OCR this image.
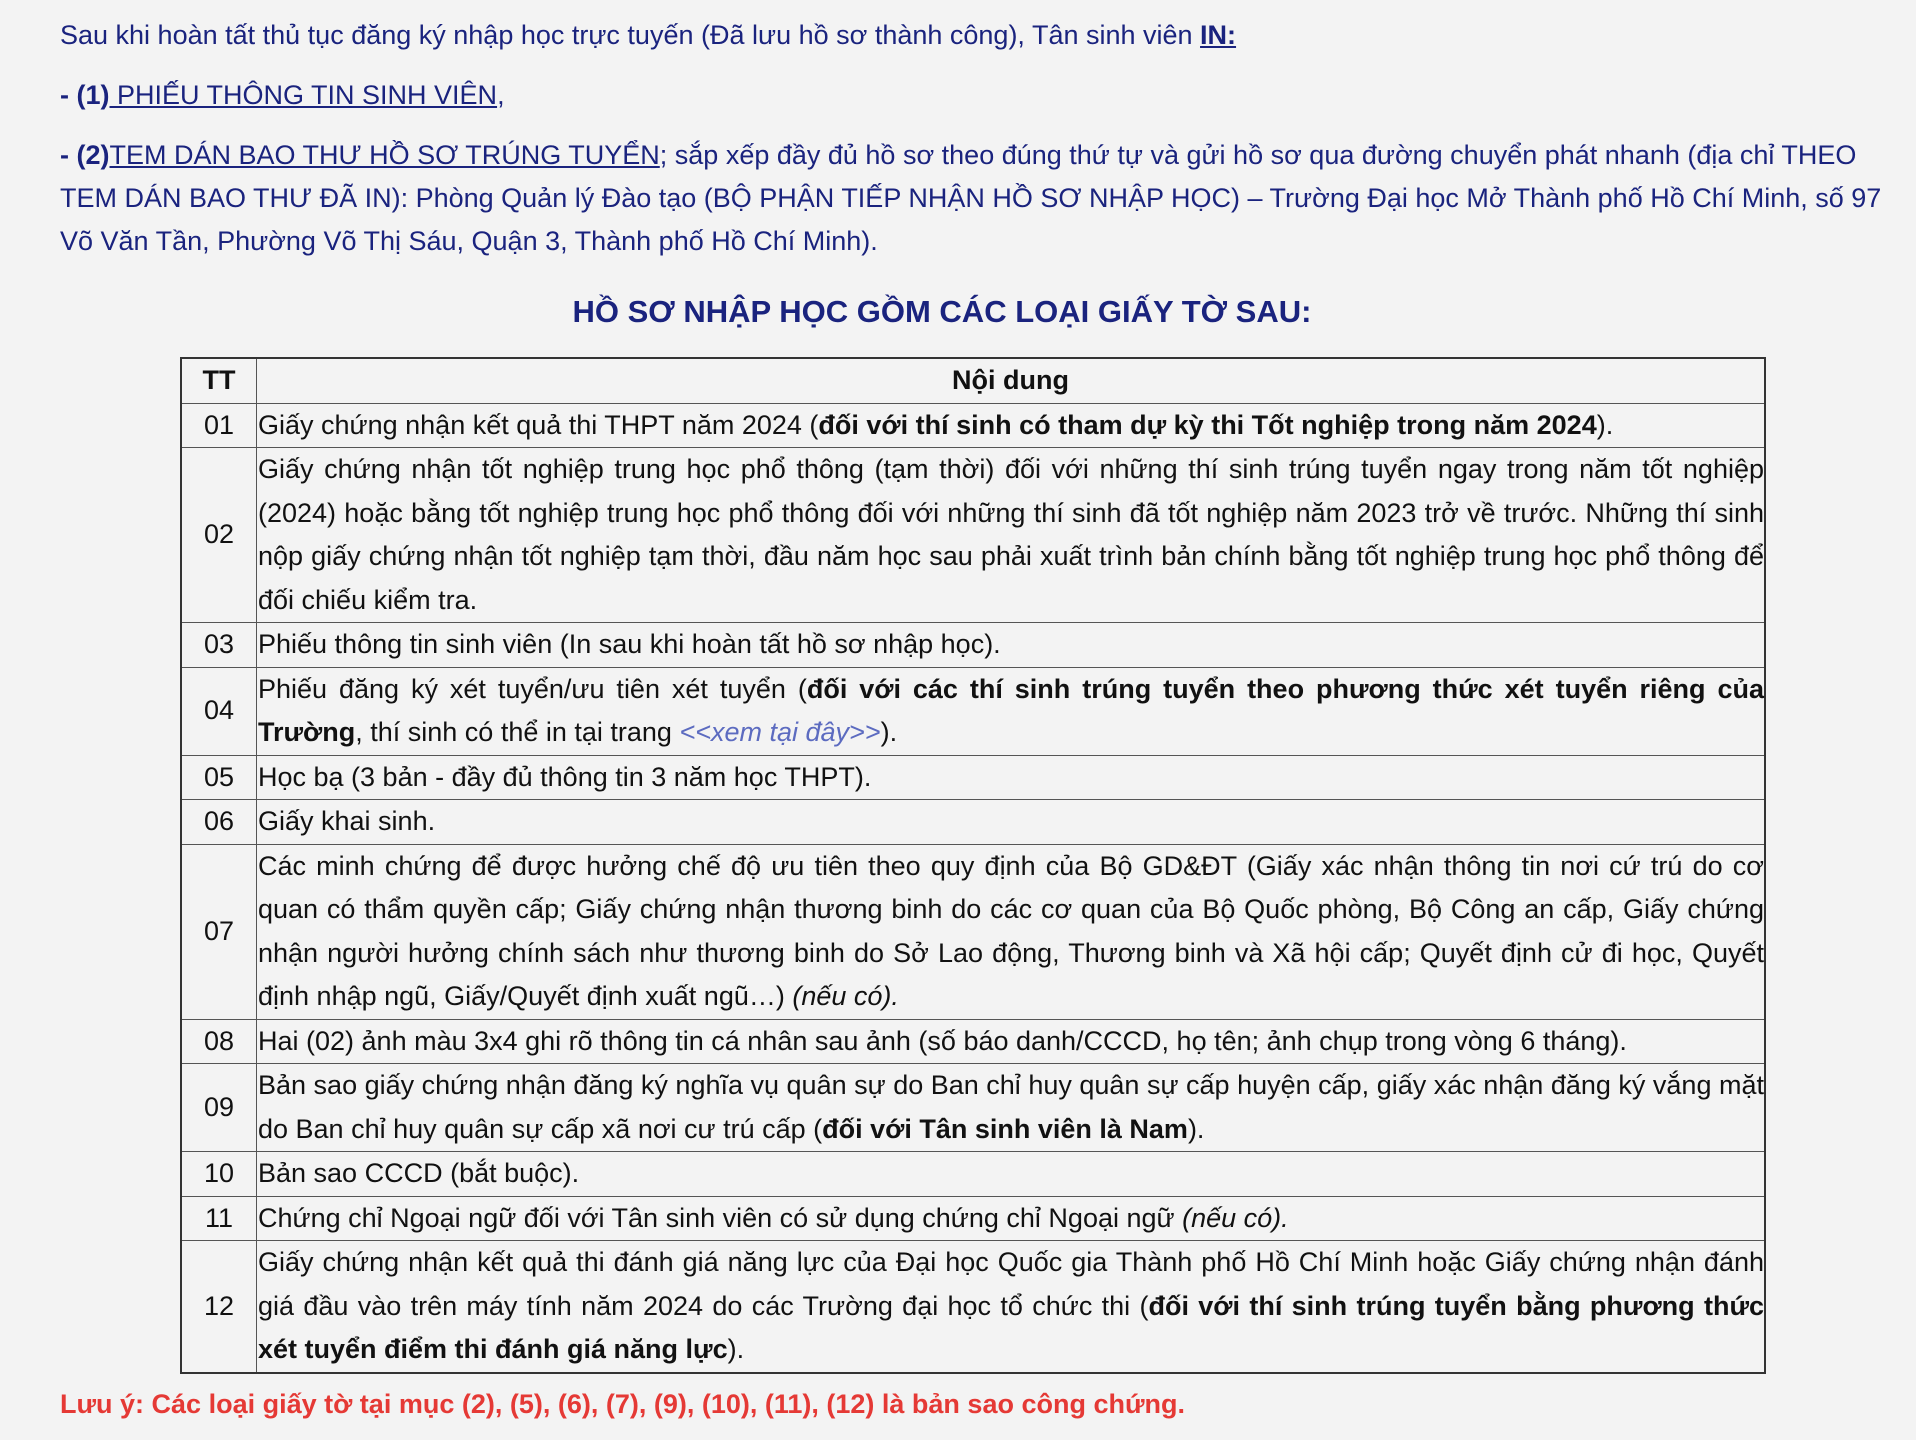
Sau khi hoàn tất thủ tục đăng ký nhập học trực tuyến (Đã lưu hồ sơ thành công), Tân sinh viên IN:

- (1) PHIẾU THÔNG TIN SINH VIÊN,

- (2)TEM DÁN BAO THƯ HỒ SƠ TRÚNG TUYỂN; sắp xếp đầy đủ hồ sơ theo đúng thứ tự và gửi hồ sơ qua đường chuyển phát nhanh (địa chỉ THEO TEM DÁN BAO THƯ ĐÃ IN): Phòng Quản lý Đào tạo (BỘ PHẬN TIẾP NHẬN HỒ SƠ NHẬP HỌC) – Trường Đại học Mở Thành phố Hồ Chí Minh, số 97 Võ Văn Tần, Phường Võ Thị Sáu, Quận 3, Thành phố Hồ Chí Minh).

HỒ SƠ NHẬP HỌC GỒM CÁC LOẠI GIẤY TỜ SAU:
TT	Nội dung
01	Giấy chứng nhận kết quả thi THPT năm 2024 (đối với thí sinh có tham dự kỳ thi Tốt nghiệp trong năm 2024).
02	Giấy chứng nhận tốt nghiệp trung học phổ thông (tạm thời) đối với những thí sinh trúng tuyển ngay trong năm tốt nghiệp (2024) hoặc bằng tốt nghiệp trung học phổ thông đối với những thí sinh đã tốt nghiệp năm 2023 trở về trước. Những thí sinh nộp giấy chứng nhận tốt nghiệp tạm thời, đầu năm học sau phải xuất trình bản chính bằng tốt nghiệp trung học phổ thông để đối chiếu kiểm tra.
03	Phiếu thông tin sinh viên (In sau khi hoàn tất hồ sơ nhập học).
04	Phiếu đăng ký xét tuyển/ưu tiên xét tuyển (đối với các thí sinh trúng tuyển theo phương thức xét tuyển riêng của Trường, thí sinh có thể in tại trang <<xem tại đây>>).
05	Học bạ (3 bản - đầy đủ thông tin 3 năm học THPT).
06	Giấy khai sinh.
07	Các minh chứng để được hưởng chế độ ưu tiên theo quy định của Bộ GD&ĐT (Giấy xác nhận thông tin nơi cứ trú do cơ quan có thẩm quyền cấp; Giấy chứng nhận thương binh do các cơ quan của Bộ Quốc phòng, Bộ Công an cấp, Giấy chứng nhận người hưởng chính sách như thương binh do Sở Lao động, Thương binh và Xã hội cấp; Quyết định cử đi học, Quyết định nhập ngũ, Giấy/Quyết định xuất ngũ…) (nếu có).
08	Hai (02) ảnh màu 3x4 ghi rõ thông tin cá nhân sau ảnh (số báo danh/CCCD, họ tên; ảnh chụp trong vòng 6 tháng).
09	Bản sao giấy chứng nhận đăng ký nghĩa vụ quân sự do Ban chỉ huy quân sự cấp huyện cấp, giấy xác nhận đăng ký vắng mặt do Ban chỉ huy quân sự cấp xã nơi cư trú cấp (đối với Tân sinh viên là Nam).
10	Bản sao CCCD (bắt buộc).
11	Chứng chỉ Ngoại ngữ đối với Tân sinh viên có sử dụng chứng chỉ Ngoại ngữ (nếu có).
12	Giấy chứng nhận kết quả thi đánh giá năng lực của Đại học Quốc gia Thành phố Hồ Chí Minh hoặc Giấy chứng nhận đánh giá đầu vào trên máy tính năm 2024 do các Trường đại học tổ chức thi (đối với thí sinh trúng tuyển bằng phương thức xét tuyển điểm thi đánh giá năng lực).

Lưu ý: Các loại giấy tờ tại mục (2), (5), (6), (7), (9), (10), (11), (12) là bản sao công chứng.
